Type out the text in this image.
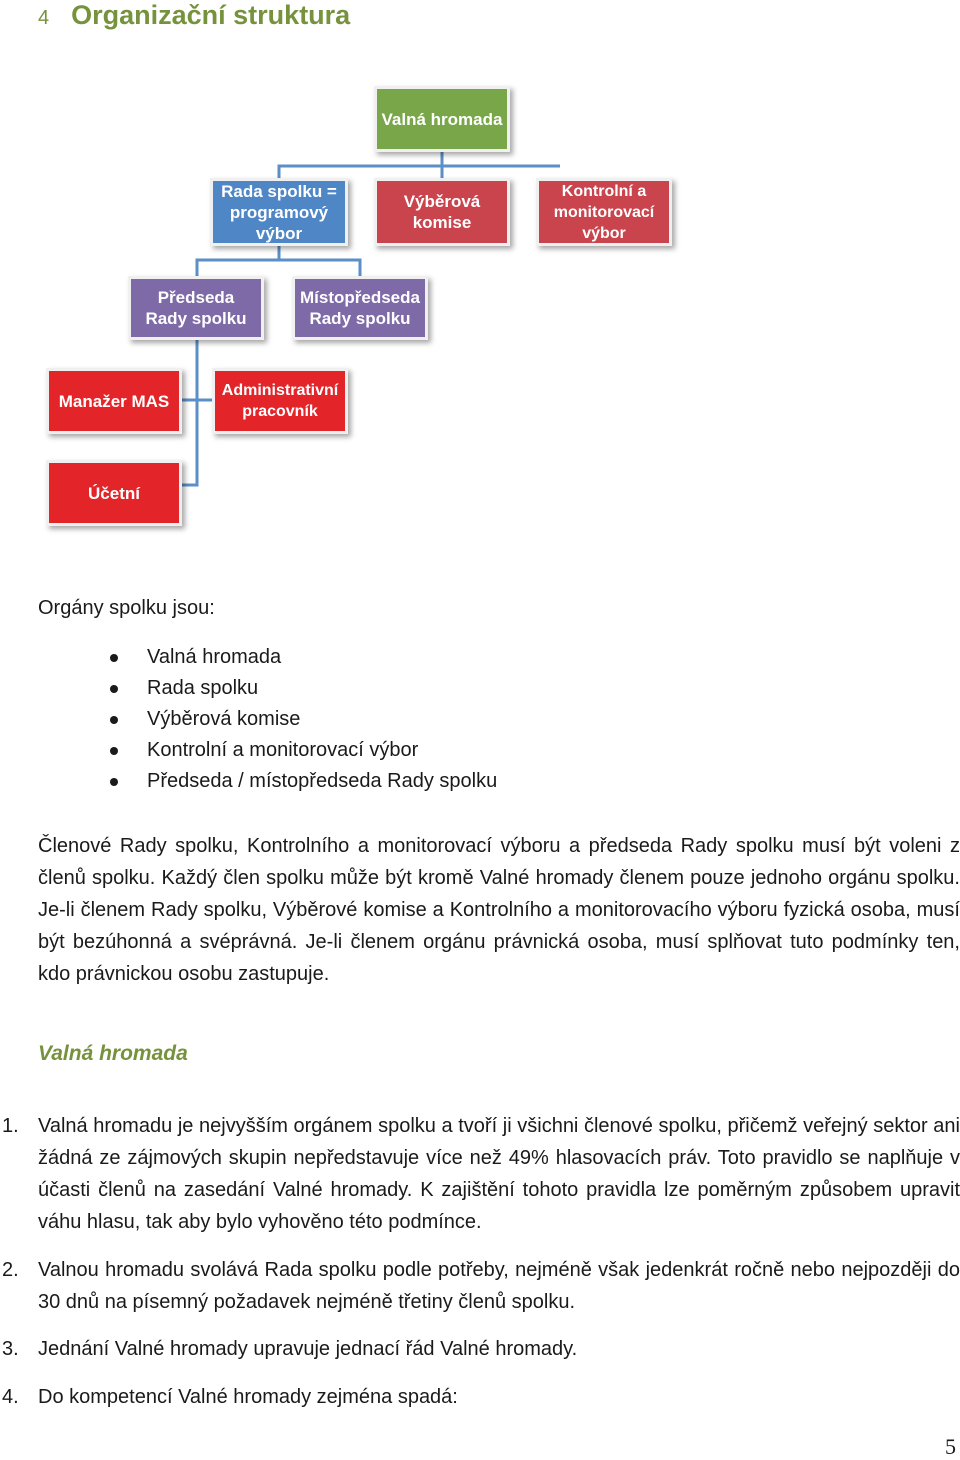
4 Organizační struktura
Valná hromada
Rada spolku = programový výbor
Výběrová komise
Kontrolní a monitorovací výbor
Předseda Rady spolku
Místopředseda Rady spolku
Manažer MAS
Administrativní pracovník
Účetní
Orgány spolku jsou:
Valná hromada
Rada spolku
Výběrová komise
Kontrolní a monitorovací výbor
Předseda / místopředseda Rady spolku
Členové Rady spolku, Kontrolního a monitorovací výboru a předseda Rady spolku musí být voleni z členů spolku. Každý člen spolku může být kromě Valné hromady členem pouze jednoho orgánu spolku. Je-li členem Rady spolku, Výběrové komise a Kontrolního a monitorovacího výboru fyzická osoba, musí být bezúhonná a svéprávná. Je-li členem orgánu právnická osoba, musí splňovat tuto podmínky ten, kdo právnickou osobu zastupuje.
Valná hromada
1. Valná hromadu je nejvyšším orgánem spolku a tvoří ji všichni členové spolku, přičemž veřejný sektor ani žádná ze zájmových skupin nepředstavuje více než 49% hlasovacích práv. Toto pravidlo se naplňuje v účasti členů na zasedání Valné hromady. K zajištění tohoto pravidla lze poměrným způsobem upravit váhu hlasu, tak aby bylo vyhověno této podmínce.
2. Valnou hromadu svolává Rada spolku podle potřeby, nejméně však jedenkrát ročně nebo nejpozději do 30 dnů na písemný požadavek nejméně třetiny členů spolku.
3. Jednání Valné hromady upravuje jednací řád Valné hromady.
4. Do kompetencí Valné hromady zejména spadá:
5
